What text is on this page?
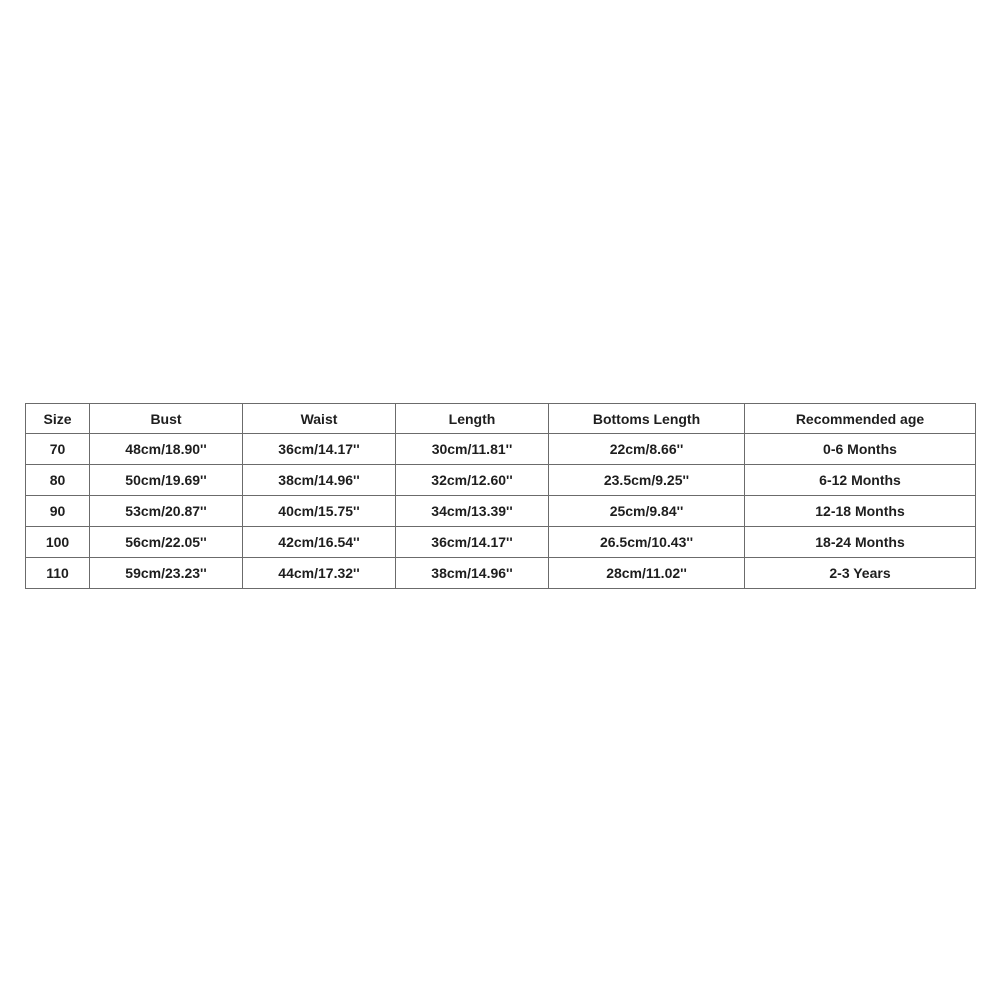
Size	Bust	Waist	Length	Bottoms Length	Recommended age
70	48cm/18.90''	36cm/14.17''	30cm/11.81''	22cm/8.66''	0-6 Months
80	50cm/19.69''	38cm/14.96''	32cm/12.60''	23.5cm/9.25''	6-12 Months
90	53cm/20.87''	40cm/15.75''	34cm/13.39''	25cm/9.84''	12-18 Months
100	56cm/22.05''	42cm/16.54''	36cm/14.17''	26.5cm/10.43''	18-24 Months
110	59cm/23.23''	44cm/17.32''	38cm/14.96''	28cm/11.02''	2-3 Years
